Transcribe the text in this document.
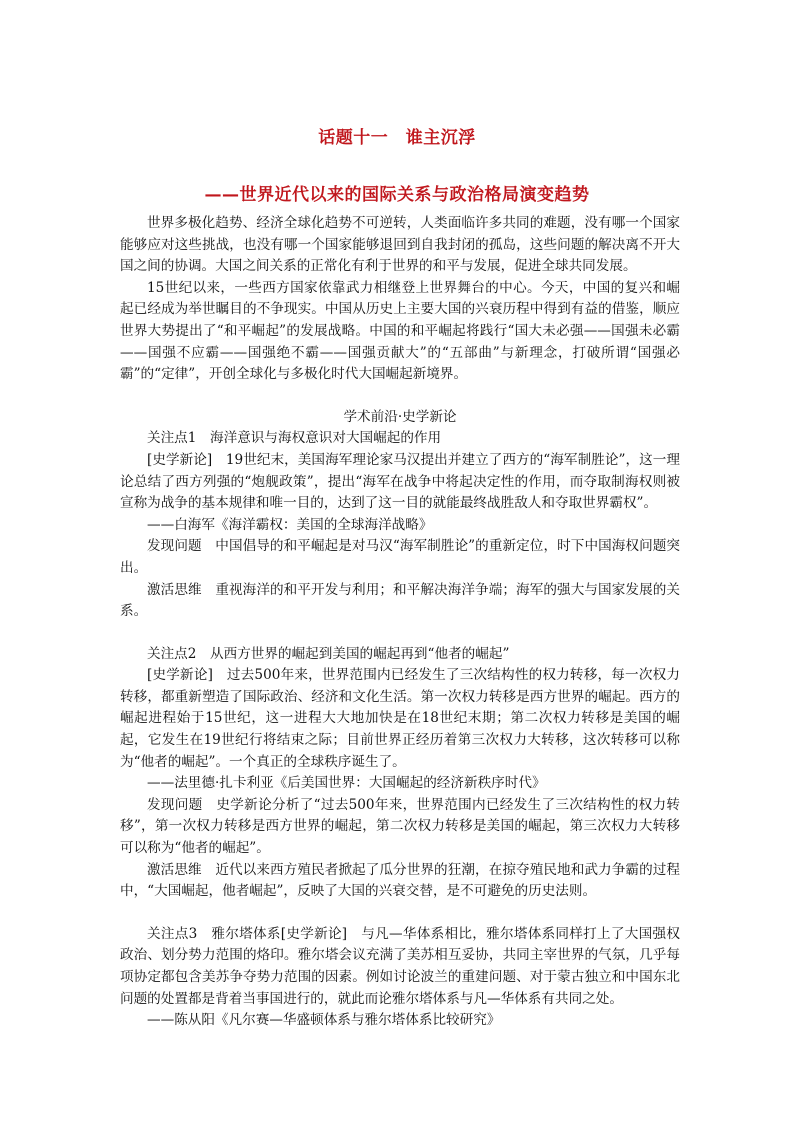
话题十一　谁主沉浮
——世界近代以来的国际关系与政治格局演变趋势

世界多极化趋势、经济全球化趋势不可逆转，人类面临许多共同的难题，没有哪一个国家能够应对这些挑战，也没有哪一个国家能够退回到自我封闭的孤岛，这些问题的解决离不开大国之间的协调。大国之间关系的正常化有利于世界的和平与发展，促进全球共同发展。

15世纪以来，一些西方国家依靠武力相继登上世界舞台的中心。今天，中国的复兴和崛起已经成为举世瞩目的不争现实。中国从历史上主要大国的兴衰历程中得到有益的借鉴，顺应世界大势提出了“和平崛起”的发展战略。中国的和平崛起将践行“国大未必强——国强未必霸——国强不应霸——国强绝不霸——国强贡献大”的“五部曲”与新理念，打破所谓“国强必霸”的“定律”，开创全球化与多极化时代大国崛起新境界。

学术前沿·史学新论

关注点1　海洋意识与海权意识对大国崛起的作用

[史学新论]　19世纪末，美国海军理论家马汉提出并建立了西方的“海军制胜论”，这一理论总结了西方列强的“炮舰政策”，提出“海军在战争中将起决定性的作用，而夺取制海权则被宣称为战争的基本规律和唯一目的，达到了这一目的就能最终战胜敌人和夺取世界霸权”。

——白海军《海洋霸权：美国的全球海洋战略》

发现问题　中国倡导的和平崛起是对马汉“海军制胜论”的重新定位，时下中国海权问题突出。

激活思维　重视海洋的和平开发与利用；和平解决海洋争端；海军的强大与国家发展的关系。

关注点2　从西方世界的崛起到美国的崛起再到“他者的崛起”

[史学新论]　过去500年来，世界范围内已经发生了三次结构性的权力转移，每一次权力转移，都重新塑造了国际政治、经济和文化生活。第一次权力转移是西方世界的崛起。西方的崛起进程始于15世纪，这一进程大大地加快是在18世纪末期；第二次权力转移是美国的崛起，它发生在19世纪行将结束之际；目前世界正经历着第三次权力大转移，这次转移可以称为“他者的崛起”。一个真正的全球秩序诞生了。

——法里德·扎卡利亚《后美国世界：大国崛起的经济新秩序时代》

发现问题　史学新论分析了“过去500年来，世界范围内已经发生了三次结构性的权力转移”，第一次权力转移是西方世界的崛起，第二次权力转移是美国的崛起，第三次权力大转移可以称为“他者的崛起”。

激活思维　近代以来西方殖民者掀起了瓜分世界的狂潮，在掠夺殖民地和武力争霸的过程中，“大国崛起，他者崛起”，反映了大国的兴衰交替，是不可避免的历史法则。

关注点3　雅尔塔体系[史学新论]　与凡—华体系相比，雅尔塔体系同样打上了大国强权政治、划分势力范围的烙印。雅尔塔会议充满了美苏相互妥协，共同主宰世界的气氛，几乎每项协定都包含美苏争夺势力范围的因素。例如讨论波兰的重建问题、对于蒙古独立和中国东北问题的处置都是背着当事国进行的，就此而论雅尔塔体系与凡—华体系有共同之处。

——陈从阳《凡尔赛—华盛顿体系与雅尔塔体系比较研究》
